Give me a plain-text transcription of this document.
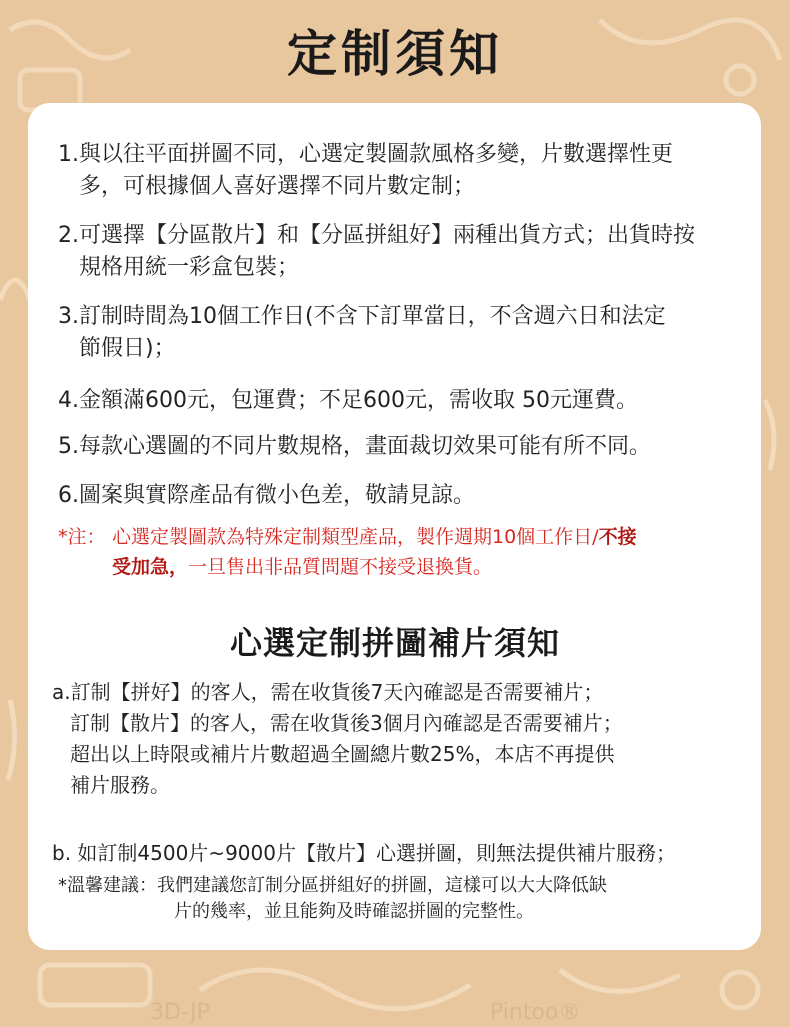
定制須知
1.與以往平面拼圖不同，心選定製圖款風格多變，片數選擇性更
多，可根據個人喜好選擇不同片數定制；
2.可選擇【分區散片】和【分區拼組好】兩種出貨方式；出貨時按
規格用統一彩盒包裝；
3.訂制時間為10個工作日(不含下訂單當日，不含週六日和法定
節假日)；
4.金額滿600元，包運費；不足600元，需收取 50元運費。
5.每款心選圖的不同片數規格，畫面裁切效果可能有所不同。
6.圖案與實際產品有微小色差，敬請見諒。
*注： 心選定製圖款為特殊定制類型產品，製作週期10個工作日/不接
受加急，一旦售出非品質問題不接受退換貨。
心選定制拼圖補片須知
a.訂制【拼好】的客人，需在收貨後7天內確認是否需要補片；
訂制【散片】的客人，需在收貨後3個月內確認是否需要補片；
超出以上時限或補片片數超過全圖總片數25%，本店不再提供
補片服務。
b. 如訂制4500片~9000片【散片】心選拼圖，則無法提供補片服務；
*溫馨建議：我們建議您訂制分區拼組好的拼圖，這樣可以大大降低缺
片的幾率，並且能夠及時確認拼圖的完整性。
3D-JP	Pintoo®
